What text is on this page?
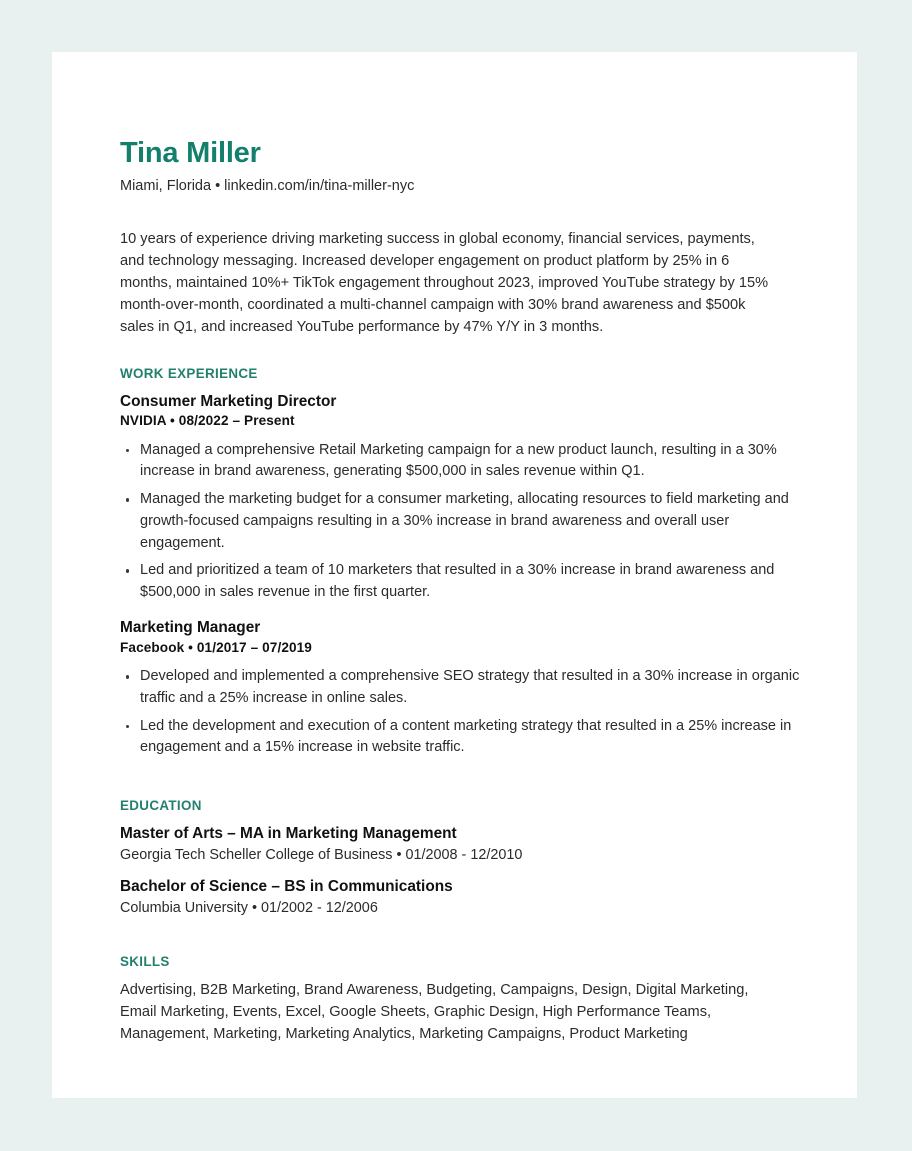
Tina Miller
Miami, Florida • linkedin.com/in/tina-miller-nyc
10 years of experience driving marketing success in global economy, financial services, payments, and technology messaging. Increased developer engagement on product platform by 25% in 6 months, maintained 10%+ TikTok engagement throughout 2023, improved YouTube strategy by 15% month-over-month, coordinated a multi-channel campaign with 30% brand awareness and $500k sales in Q1, and increased YouTube performance by 47% Y/Y in 3 months.
WORK EXPERIENCE
Consumer Marketing Director
NVIDIA • 08/2022 – Present
Managed a comprehensive Retail Marketing campaign for a new product launch, resulting in a 30% increase in brand awareness, generating $500,000 in sales revenue within Q1.
Managed the marketing budget for a consumer marketing, allocating resources to field marketing and growth-focused campaigns resulting in a 30% increase in brand awareness and overall user engagement.
Led and prioritized a team of 10 marketers that resulted in a 30% increase in brand awareness and $500,000 in sales revenue in the first quarter.
Marketing Manager
Facebook • 01/2017 – 07/2019
Developed and implemented a comprehensive SEO strategy that resulted in a 30% increase in organic traffic and a 25% increase in online sales.
Led the development and execution of a content marketing strategy that resulted in a 25% increase in engagement and a 15% increase in website traffic.
EDUCATION
Master of Arts – MA in Marketing Management
Georgia Tech Scheller College of Business • 01/2008 - 12/2010
Bachelor of Science – BS in Communications
Columbia University • 01/2002 - 12/2006
SKILLS

Advertising, B2B Marketing, Brand Awareness, Budgeting, Campaigns, Design, Digital Marketing, Email Marketing, Events, Excel, Google Sheets, Graphic Design, High Performance Teams, Management, Marketing, Marketing Analytics, Marketing Campaigns, Product Marketing
